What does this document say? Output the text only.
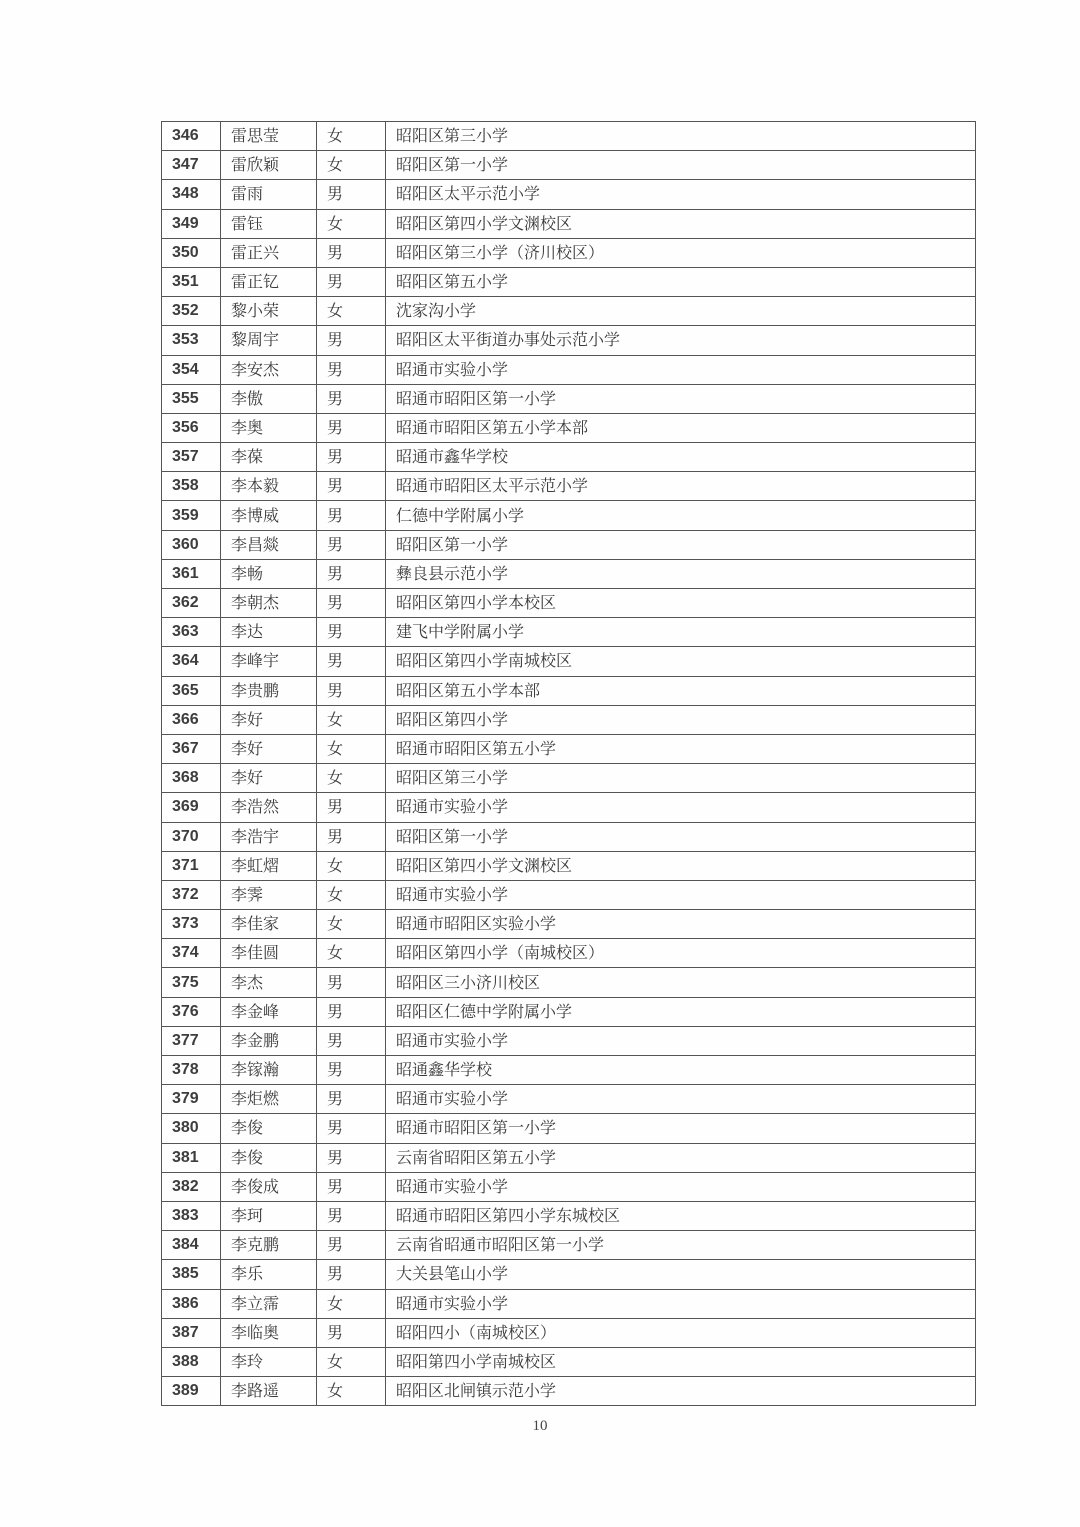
346	雷思莹	女	昭阳区第三小学
347	雷欣颖	女	昭阳区第一小学
348	雷雨	男	昭阳区太平示范小学
349	雷钰	女	昭阳区第四小学文渊校区
350	雷正兴	男	昭阳区第三小学（济川校区）
351	雷正钇	男	昭阳区第五小学
352	黎小荣	女	沈家沟小学
353	黎周宇	男	昭阳区太平街道办事处示范小学
354	李安杰	男	昭通市实验小学
355	李傲	男	昭通市昭阳区第一小学
356	李奥	男	昭通市昭阳区第五小学本部
357	李葆	男	昭通市鑫华学校
358	李本毅	男	昭通市昭阳区太平示范小学
359	李博威	男	仁德中学附属小学
360	李昌燚	男	昭阳区第一小学
361	李畅	男	彝良县示范小学
362	李朝杰	男	昭阳区第四小学本校区
363	李达	男	建飞中学附属小学
364	李峰宇	男	昭阳区第四小学南城校区
365	李贵鹏	男	昭阳区第五小学本部
366	李好	女	昭阳区第四小学
367	李好	女	昭通市昭阳区第五小学
368	李好	女	昭阳区第三小学
369	李浩然	男	昭通市实验小学
370	李浩宇	男	昭阳区第一小学
371	李虹熠	女	昭阳区第四小学文渊校区
372	李霁	女	昭通市实验小学
373	李佳家	女	昭通市昭阳区实验小学
374	李佳圆	女	昭阳区第四小学（南城校区）
375	李杰	男	昭阳区三小济川校区
376	李金峰	男	昭阳区仁德中学附属小学
377	李金鹏	男	昭通市实验小学
378	李镓瀚	男	昭通鑫华学校
379	李炬燃	男	昭通市实验小学
380	李俊	男	昭通市昭阳区第一小学
381	李俊	男	云南省昭阳区第五小学
382	李俊成	男	昭通市实验小学
383	李珂	男	昭通市昭阳区第四小学东城校区
384	李克鹏	男	云南省昭通市昭阳区第一小学
385	李乐	男	大关县笔山小学
386	李立霈	女	昭通市实验小学
387	李临奥	男	昭阳四小（南城校区）
388	李玲	女	昭阳第四小学南城校区
389	李路遥	女	昭阳区北闸镇示范小学
10
